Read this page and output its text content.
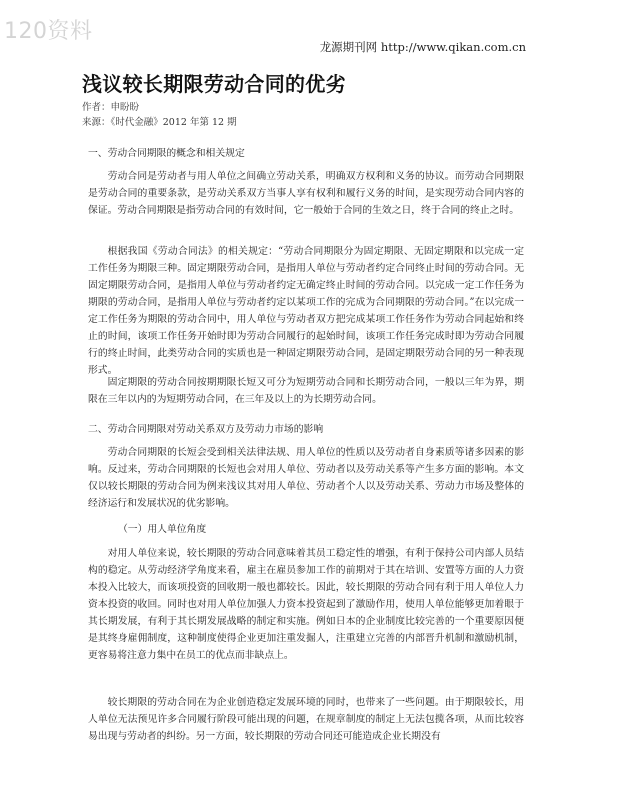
120资料
龙源期刊网 http://www.qikan.com.cn
浅议较长期限劳动合同的优劣
作者：申盼盼
来源：《时代金融》2012 年第 12 期
一、劳动合同期限的概念和相关规定

劳动合同是劳动者与用人单位之间确立劳动关系，明确双方权利和义务的协议。而劳动合同期限是劳动合同的重要条款，是劳动关系双方当事人享有权利和履行义务的时间，是实现劳动合同内容的保证。劳动合同期限是指劳动合同的有效时间，它一般始于合同的生效之日，终于合同的终止之时。

根据我国《劳动合同法》的相关规定：“劳动合同期限分为固定期限、无固定期限和以完成一定工作任务为期限三种。固定期限劳动合同，是指用人单位与劳动者约定合同终止时间的劳动合同。无固定期限劳动合同，是指用人单位与劳动者约定无确定终止时间的劳动合同。以完成一定工作任务为期限的劳动合同，是指用人单位与劳动者约定以某项工作的完成为合同期限的劳动合同。”在以完成一定工作任务为期限的劳动合同中，用人单位与劳动者双方把完成某项工作任务作为劳动合同起始和终止的时间，该项工作任务开始时即为劳动合同履行的起始时间，该项工作任务完成时即为劳动合同履行的终止时间，此类劳动合同的实质也是一种固定期限劳动合同，是固定期限劳动合同的另一种表现形式。

固定期限的劳动合同按期期限长短又可分为短期劳动合同和长期劳动合同，一般以三年为界，期限在三年以内的为短期劳动合同，在三年及以上的为长期劳动合同。

二、劳动合同期限对劳动关系双方及劳动力市场的影响

劳动合同期限的长短会受到相关法律法规、用人单位的性质以及劳动者自身素质等诸多因素的影响。反过来，劳动合同期限的长短也会对用人单位、劳动者以及劳动关系等产生多方面的影响。本文仅以较长期限的劳动合同为例来浅议其对用人单位、劳动者个人以及劳动关系、劳动力市场及整体的经济运行和发展状况的优劣影响。

（一）用人单位角度

对用人单位来说，较长期限的劳动合同意味着其员工稳定性的增强，有利于保持公司内部人员结构的稳定。从劳动经济学角度来看，雇主在雇员参加工作的前期对于其在培训、安置等方面的人力资本投入比较大，而该项投资的回收期一般也都较长。因此，较长期限的劳动合同有利于用人单位人力资本投资的收回。同时也对用人单位加强人力资本投资起到了激励作用，使用人单位能够更加着眼于其长期发展，有利于其长期发展战略的制定和实施。例如日本的企业制度比较完善的一个重要原因便是其终身雇佣制度，这种制度使得企业更加注重发掘人，注重建立完善的内部晋升机制和激励机制，更容易将注意力集中在员工的优点而非缺点上。

较长期限的劳动合同在为企业创造稳定发展环境的同时，也带来了一些问题。由于期限较长，用人单位无法预见许多合同履行阶段可能出现的问题，在规章制度的制定上无法包揽各项，从而比较容易出现与劳动者的纠纷。另一方面，较长期限的劳动合同还可能造成企业长期没有
